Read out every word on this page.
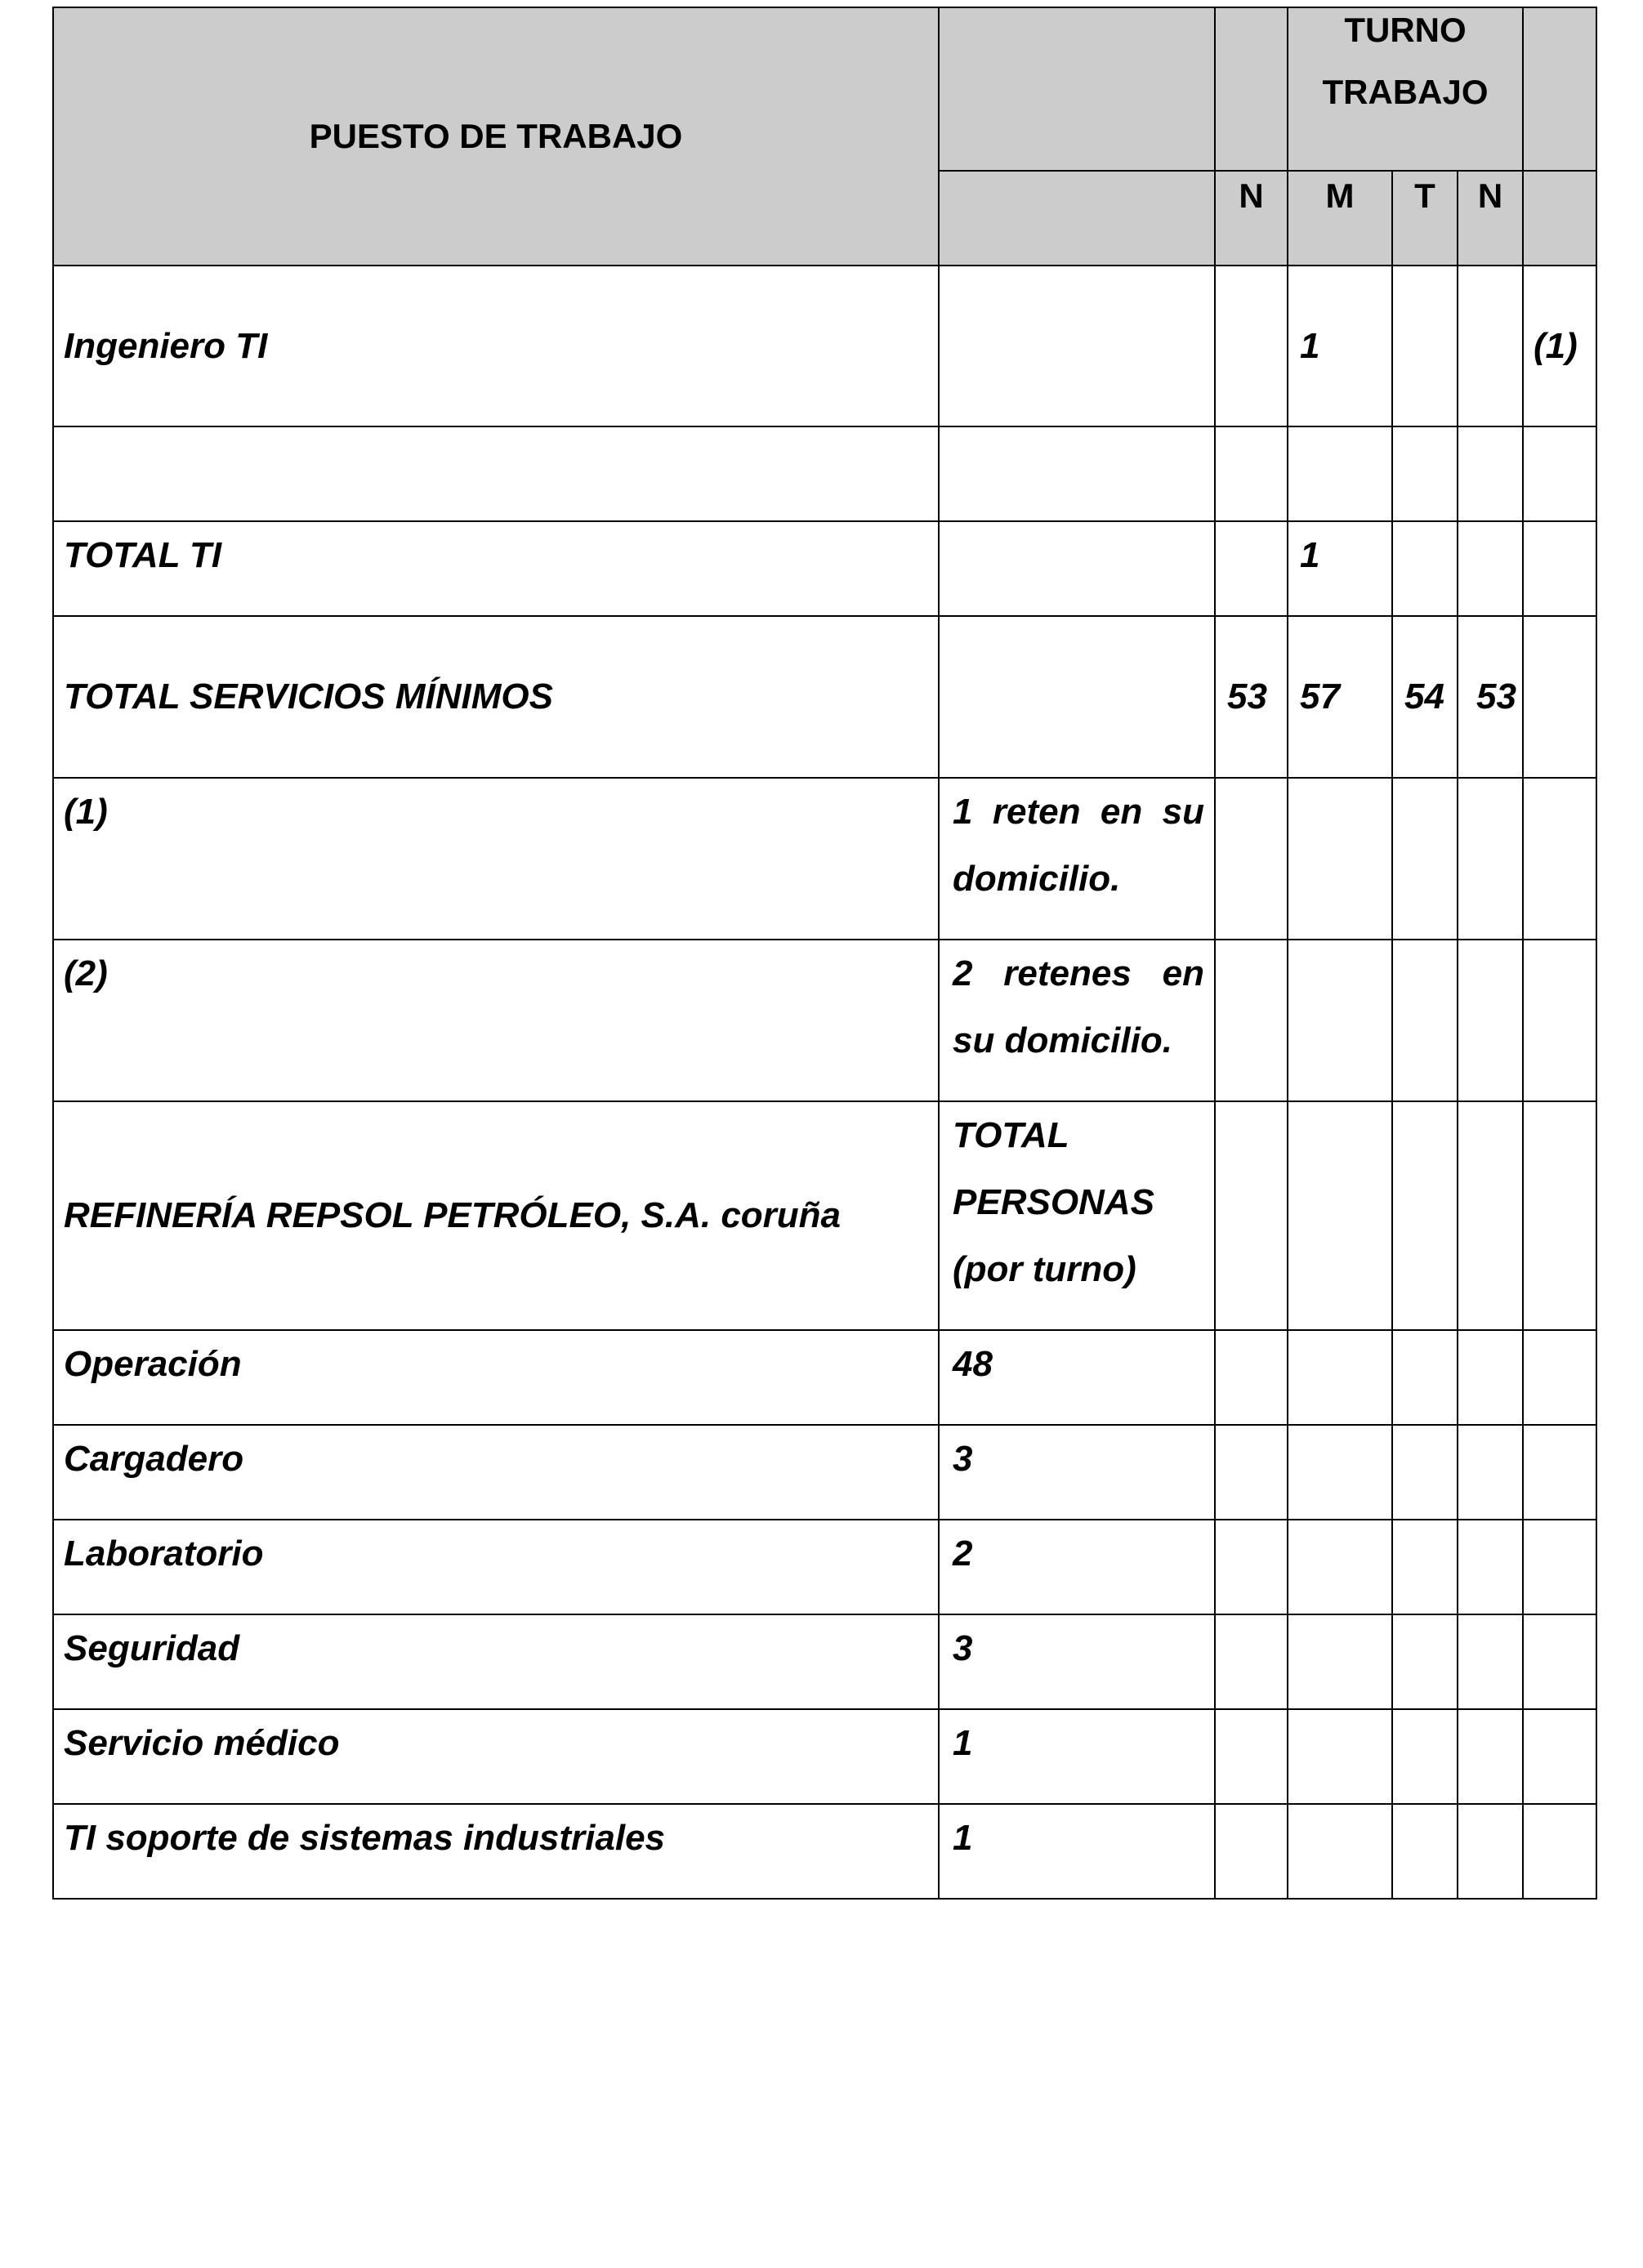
PUESTO DE TRABAJO			TURNO
TRABAJO			

		N	M	T	N	
Ingeniero TI			1			(1)

TOTAL TI			1			
TOTAL SERVICIOS MÍNIMOS		53	57	54	53	
(1)	1 reten en su
domicilio.					

(2)	2 retenes en
su domicilio.					

REFINERÍA REPSOL PETRÓLEO, S.A. coruña	TOTAL
PERSONAS
(por turno)					

Operación	48					
Cargadero	3					
Laboratorio	2					
Seguridad	3					
Servicio médico	1					
TI soporte de sistemas industriales	1					
